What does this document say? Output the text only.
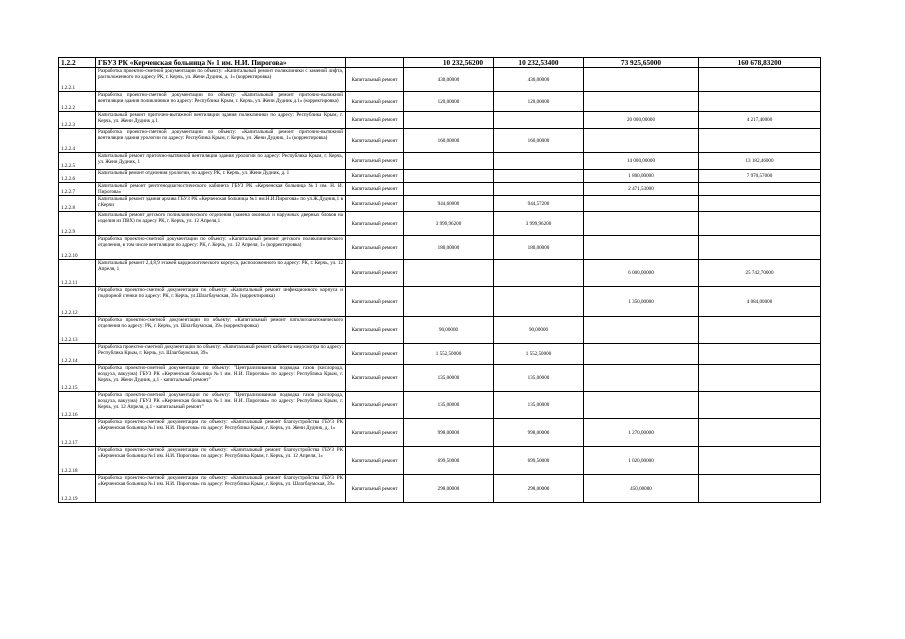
1.2.2	ГБУЗ РК «Керченская больница № 1 им. Н.И. Пирогова»		10 232,56200	10 232,53400	73 925,65000	160 678,83200
1.2.2.1	Разработка проектно-сметной документации по объекту: «Капитальный ремонт поликлиники с заменой лифта, расположенного по адресу РК, г. Керчь, ул. Жени Дудник, д. 1» (корректировка)	Капитальный ремонт	430,00000	430,00000		
1.2.2.2	Разработка проектно-сметной документации по объекту: «Капитальный ремонт приточно-вытяжной вентиляции здания поликлиники по адресу: Республика Крым, г. Керчь, ул. Жени Дудник д.1» (корректировка)	Капитальный ремонт	120,00000	120,00000		
1.2.2.3	Капитальный ремонт приточно-вытяжной вентиляции здания поликлиники по адресу: Республика Крым, г. Керчь, ул. Жени Дудник д.1	Капитальный ремонт			20 000,00000	4 217,40000
1.2.2.4	Разработка проектно-сметной документации по объекту: «Капитальный ремонт приточно-вытяжной вентиляции здания урологии по адресу: Республика Крым, г. Керчь, ул. Жени Дудник, 1» (корректировка)	Капитальный ремонт	160,00000	160,00000		
1.2.2.5	Капитальный ремонт приточно-вытяжной вентиляции здания урологии по адресу: Республика Крым, г. Керчь, ул. Жени Дудник, 1	Капитальный ремонт			14 000,00000	13 182,46000
1.2.2.6	Капитальный ремонт отделения урологии, по адресу РК, г. Керчь, ул. Жени Дудник, д. 1	Капитальный ремонт			1 800,00000	7 970,57000
1.2.2.7	Капитальный ремонт рентгенодиагностического кабинета ГБУЗ РК «Керченская больница №1 им. Н. И. Пирогова»	Капитальный ремонт			2 471,53000	
1.2.2.8	Капитальный ремонт здания архива ГБУЗ РК «Керченская больница №1 им.Н.И.Пирогова» по ул.Ж.Дудник,1 в г.Керчи	Капитальный ремонт	944,60000	944,57200		
1.2.2.9	Капитальный ремонт детского поликлинического отделения (замена оконных и наружных дверных блоков на изделия из ПВХ) по адресу РК, г. Керчь, ул. 12 Апреля,1	Капитальный ремонт	3 999,96200	3 999,96200		
1.2.2.10	Разработка проектно-сметной документации по объекту: «Капитальный ремонт детского поликлинического отделения, в том числе вентиляции по адресу: РК, г. Керчь, ул. 12 Апреля, 1» (корректировка)	Капитальный ремонт	180,00000	180,00000		
1.2.2.11	Капитальный ремонт 2,4,8,9 этажей кардиологического корпуса, расположенного по адресу: РК, г. Керчь, ул. 12 Апреля, 1	Капитальный ремонт			6 000,00000	25 742,70000
1.2.2.12	Разработка проектно-сметной документации по объекту: «Капитальный ремонт инфекционного корпуса и подпорной стенки по адресу: РК, г. Керчь, ул.Шлагбаумская, 39» (корректировка)	Капитальный ремонт			1 350,00000	4 084,00000
1.2.2.13	Разработка проектно-сметной документации по объекту: «Капитальный ремонт патологоанатомического отделения по адресу: РК, г. Керчь, ул. Шлагбаумская, 39» (корректировка)	Капитальный ремонт	90,00000	90,00000		
1.2.2.14	Разработка проектно-сметной документации по объекту: «Капитальный ремонт кабинета медосмотра по адресу: Республика Крым, г. Керчь, ул. Шлагбаумская, 39»	Капитальный ремонт	1 552,50000	1 552,50000		
1.2.2.15	Разработка проектно-сметной документации по объекту: "Централизованная подводка газов (кислорода, воздуха, вакуума) ГБУЗ РК «Керченская больница №1 им. Н.И. Пирогова» по адресу: Республика Крым, г. Керчь, ул. Жени Дудник, д.1 - капитальный ремонт"	Капитальный ремонт	135,00000	135,00000		
1.2.2.16	Разработка проектно-сметной документации по объекту: "Централизованная подводка газов (кислорода, воздуха, вакуума) ГБУЗ РК «Керченская больница №1 им. Н.И. Пирогова» по адресу: Республика Крым, г. Керчь, ул. 12 Апреля, д.1 - капитальный ремонт"	Капитальный ремонт	135,00000	135,00000		
1.2.2.17	Разработка проектно-сметной документации по объекту: «Капитальный ремонт благоустройства ГБУЗ РК «Керченская больница №1 им. Н.И. Пирогова» по адресу: Республика Крым, г. Керчь, ул. Жени Дудник, д. 1»	Капитальный ремонт	998,00000	998,00000	1 270,00000	
1.2.2.18	Разработка проектно-сметной документации по объекту: «Капитальный ремонт благоустройства ГБУЗ РК «Керченская больница №1 им. Н.И. Пирогова» по адресу: Республика Крым, г. Керчь, ул. 12 Апреля, 1»	Капитальный ремонт	699,50000	699,50000	1 020,00000	
1.2.2.19	Разработка проектно-сметной документации по объекту: «Капитальный ремонт благоустройства ГБУЗ РК «Керченская больница №1 им. Н.И. Пирогова» по адресу: Республика Крым, г. Керчь, ул. Шлагбаумская, 39»	Капитальный ремонт	298,00000	298,00000	450,00000	
